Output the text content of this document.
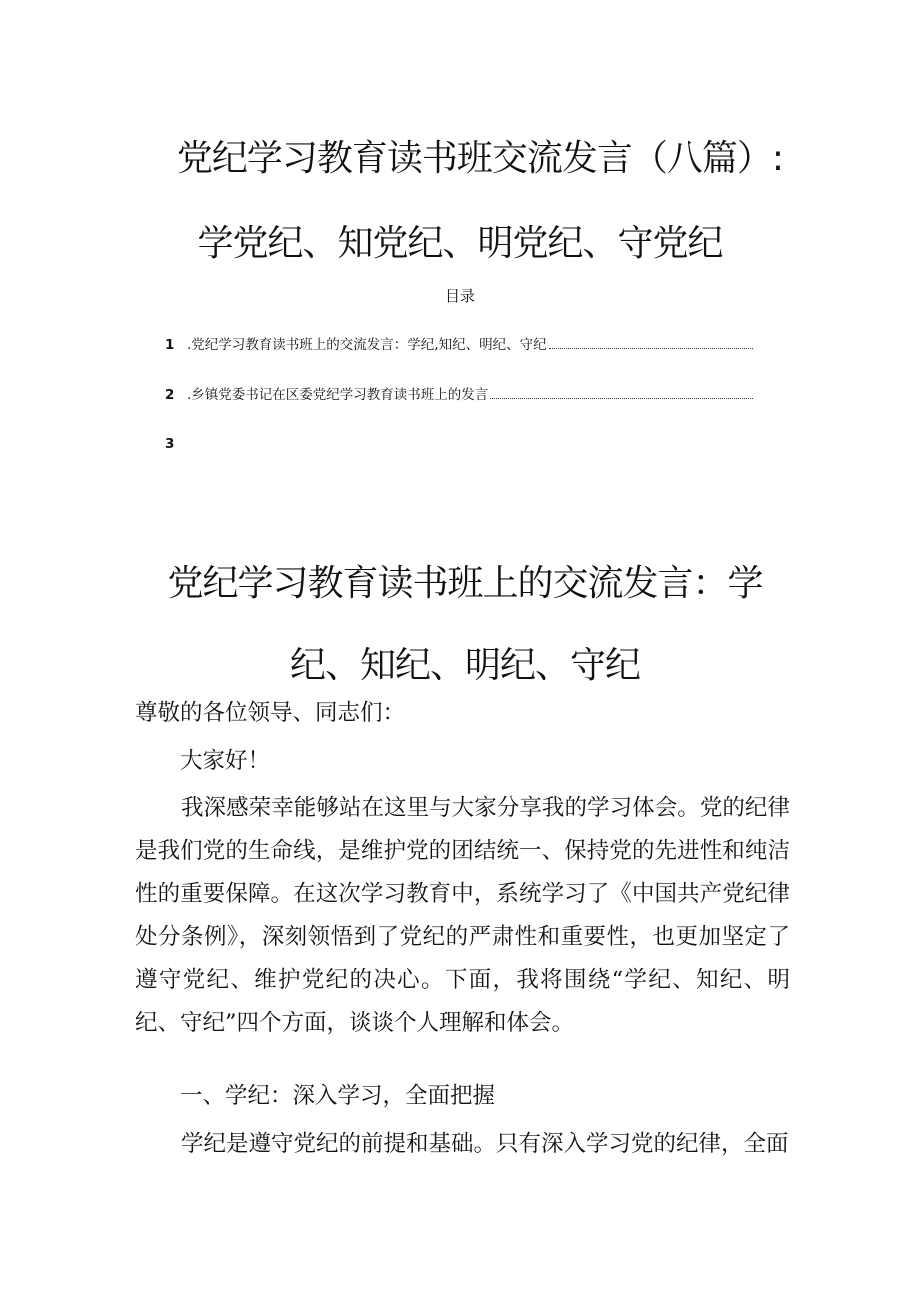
党纪学习教育读书班交流发言（八篇）:
学党纪、知党纪、明党纪、守党纪
目录
1 .党纪学习教育读书班上的交流发言：学纪,知纪、明纪、守纪
2 .乡镇党委书记在区委党纪学习教育读书班上的发言
3
党纪学习教育读书班上的交流发言：学
纪、知纪、明纪、守纪

尊敬的各位领导、同志们：

大家好！

我深感荣幸能够站在这里与大家分享我的学习体会。党的纪律是我们党的生命线，是维护党的团结统一、保持党的先进性和纯洁性的重要保障。在这次学习教育中，系统学习了《中国共产党纪律处分条例》，深刻领悟到了党纪的严肃性和重要性，也更加坚定了遵守党纪、维护党纪的决心。下面，我将围绕“学纪、知纪、明纪、守纪”四个方面，谈谈个人理解和体会。

一、学纪：深入学习，全面把握

学纪是遵守党纪的前提和基础。只有深入学习党的纪律，全面
